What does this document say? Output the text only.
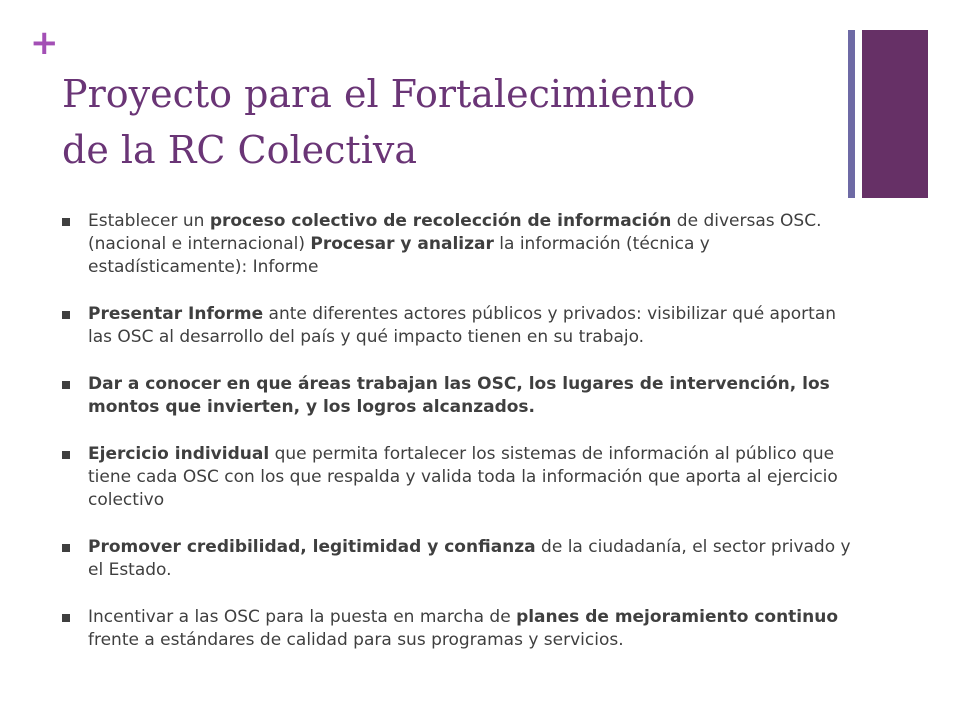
+
Proyecto para el Fortalecimiento
de la RC Colectiva
Establecer un proceso colectivo de recolección de información de diversas OSC. (nacional e internacional) Procesar y analizar la información (técnica y estadísticamente): Informe
Presentar Informe ante diferentes actores públicos y privados: visibilizar qué aportan las OSC al desarrollo del país y qué impacto tienen en su trabajo.
Dar a conocer en que áreas trabajan las OSC, los lugares de intervención, los montos que invierten, y los logros alcanzados.
Ejercicio individual que permita fortalecer los sistemas de información al público que tiene cada OSC con los que respalda y valida toda la información que aporta al ejercicio colectivo
Promover credibilidad, legitimidad y confianza de la ciudadanía, el sector privado y el Estado.
Incentivar a las OSC para la puesta en marcha de planes de mejoramiento continuo frente a estándares de calidad para sus programas y servicios.
